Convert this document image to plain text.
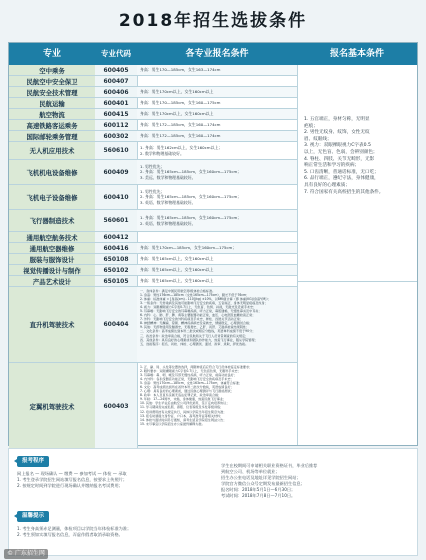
2018年招生选拔条件
专业	专业代码	各专业报名条件	报名基本条件
空中乘务	600405	身高：男生170—185cm，女生163—174cm
民航空中安全保卫	600407
民航安全技术管理	600406	身高：男生170cm以上，女生160cm以上
民航运输	600401	身高：男生170—185cm，女生160—175cm
航空物流	600415	身高：男生170cm以上，女生160cm以上
高速铁路客运乘务	600112	身高：男生172—185cm，女生160—174cm
国际邮轮乘务管理	600302	身高：男生172—185cm，女生160—174cm
无人机应用技术	560610	1. 身高：男生162cm以上，女生160cm以上；
2. 数学和物理基础较好。
飞机机电设备维修	600409
1. 男性优先；
2. 身高：男生165cm—185cm，女生160cm—175cm；
3. 美远、数学和物理基础较好。
飞机电子设备维修	600410
1. 男性优先；
2. 身高：男生165cm—185cm，女生160cm—175cm；
3. 英语、数学和物理基础较好。
飞行器制造技术	560601	1. 身高：男生165cm—185cm，女生160cm—175cm；
2. 英语、数学和物理基础较好。
通用航空航务技术	600412
通用航空器维修	600416	身高：男生170cm—185cm，女生160cm—175cm；
服装与服饰设计	650108	身高：男生165cm以上，女生160cm以上
视觉传播设计与制作	650102	身高：男生165cm以上，女生160cm以上
产品艺术设计	650105	身高：男生165cm以上，女生160cm以上
直升机驾驶技术	600404
一、身体条件：满足中国民用航空局Ⅰ级体检合格标准。
1. 身高：男性176cm—185cm（女性165cm—175cm），腿长不低于76cm；
2. 体重：标准体重 = [身高(cm) - 110](kg) ±10%，以BMI值计算（即 体重(KG)/身高²(M)）；
3. 一般条件：无传染病及其他可能影响飞行安全的疾病，五官端正、身体无明显疤痕及纹身；
4. 视力：双眼裸眼视力C字表0.7以上，无色盲、色弱、斜视，无散光及近视手术史；
5. 耳鼻喉：无影响飞行安全的耳鼻喉疾病，听力正常，鼻腔通畅，无慢性鼻炎及中耳炎；
6. 内科：心、肺、肝、脾、肾等主要脏器功能正常，血压、心电图及血糖检查正常；
7. 外科：无影响飞行安全的外科疾病及手术史，脊柱、四肢关节活动正常；
8. 神经精神：无癫痫、晕厥、精神疾病病史及家族史，情绪稳定，心理测试合格；
9. 其他：无药物滥用及酗酒史，无吸毒史，乙肝、丙肝、艾滋病检查结果阴性；
二、文化条件：高考成绩达到本科二批次或相应分数线，英语单科成绩不低于90分；
三、政治条件：政治审查合格，符合民航局关于飞行人员背景调查的有关规定；
四、其他条件：具有良好的心理素质和团队协作能力，热爱飞行事业，服从学院管理；
五、选拔程序：报名、初检、体检、心理测试、面试、政审、录取，择优选拔。
定翼机驾驶技术	600403
1. 正、副、局、头发等位置的选择，两腿伸直后应符合飞行员体检鉴定标准要求；
2. 眼科要求：双眼裸眼视力C字表0.7以上，无色盲色弱，无眼科手术史；
3. 耳鼻喉：鼻、咽、喉及耳部无慢性疾病，听力正常，前庭功能良好；
4. 内外科：各系统器官功能正常，无影响飞行安全的疾病及手术史；
5. 身高：男性170cm—185cm，女性163cm—175cm，体重符合标准；
6. 文化：高考成绩达到所在省份本科二批次分数线，英语成绩良好；
7. 心理：具有良好的心理素质，通过民航心理测评与飞行潜质测试；
8. 政审：本人及直系亲属无违法犯罪记录，政治审查合格；
9. 年龄：17—24周岁，未婚，身体健康，热爱民航飞行事业；
10. 其他：学生毕业后由航空公司择优录用，签订定向培养协议；
11. 学习期间需完成私照、商照、仪表等级及多发等级训练；
12. 培训费用按有关规定执行，具体以学院当年招生简章为准；
13. 报名时须提交身份证、户口本、高考准考证等相关材料；
14. 体检与面试时间另行通知，请考生留意学院招生网站公告；
15. 未尽事宜以学院招生办公室最终解释为准。
1. 五官端正，身材匀称，无明显
疤痕；
2. 男性无纹身、纹饰，女性无纹
眉、纹眼线；
3. 视力：双眼裸眼视力C字表0.5
以上，无色盲、色弱，会辨别颜色；
4. 脊柱、四肢、关节无畸形，无影
响正常生活和学习的疾病；
5. 口齿清晰，普通话标准，无口吃；
6. 品行端正，遵纪守法，身体健康，
具有良好的心理素质；
7. 符合国家有关高校招生的其他条件。
报考程序
网上报名 — 现场确认 — 缴费 — 参加考试 — 体检 — 录取
1. 考生登录学院招生网站填写报名信息，按要求上传照片；
2. 按规定时间到学院进行现场确认并缴纳报名考试费用；
温馨提示
1. 考生身高须赤足测量，体检项目以学院当年体检标准为准；
2. 考生须如实填写报名信息，弄虚作假者取消录取资格。
学生在校期间可申请相关职业资格证书，毕业后推荐
到航空公司、机场等单位就业；
招生办公室电话及地址详见学院招生网站；
学院官方微信公众号定期发布最新招生信息；
报名时间：2018年5月1日—6月30日；
考试时间：2018年7月8日—7月10日。
© 广东招生网
